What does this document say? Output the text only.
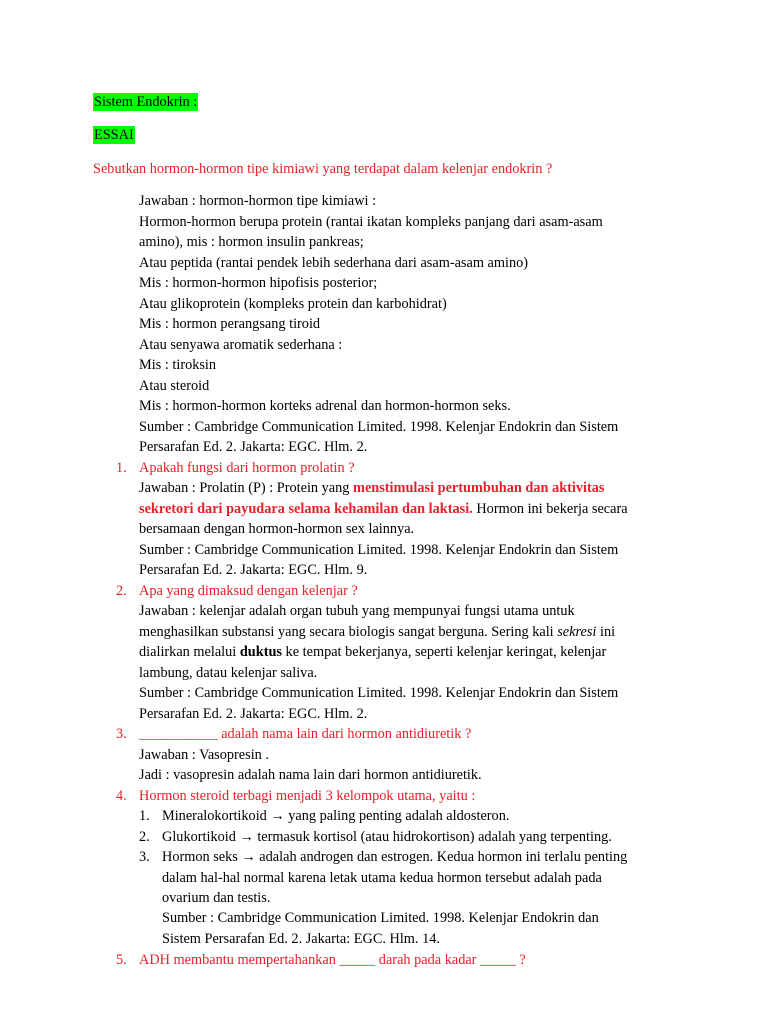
Sistem Endokrin :
ESSAI
Sebutkan hormon-hormon tipe kimiawi yang terdapat dalam kelenjar endokrin ?
Jawaban : hormon-hormon tipe kimiawi :
Hormon-hormon berupa protein (rantai ikatan kompleks panjang dari asam-asam
amino), mis : hormon insulin pankreas;
Atau peptida (rantai pendek lebih sederhana dari asam-asam amino)
Mis : hormon-hormon hipofisis posterior;
Atau glikoprotein (kompleks protein dan karbohidrat)
Mis : hormon perangsang tiroid
Atau senyawa aromatik sederhana :
Mis : tiroksin
Atau steroid
Mis : hormon-hormon korteks adrenal dan hormon-hormon seks.
Sumber : Cambridge Communication Limited. 1998. Kelenjar Endokrin dan Sistem
Persarafan Ed. 2. Jakarta: EGC. Hlm. 2.
1. Apakah fungsi dari hormon prolatin ?
Jawaban : Prolatin (P) : Protein yang menstimulasi pertumbuhan dan aktivitas
sekretori dari payudara selama kehamilan dan laktasi. Hormon ini bekerja secara
bersamaan dengan hormon-hormon sex lainnya.
Sumber : Cambridge Communication Limited. 1998. Kelenjar Endokrin dan Sistem
Persarafan Ed. 2. Jakarta: EGC. Hlm. 9.
2. Apa yang dimaksud dengan kelenjar ?
Jawaban : kelenjar adalah organ tubuh yang mempunyai fungsi utama untuk
menghasilkan substansi yang secara biologis sangat berguna. Sering kali sekresi ini
dialirkan melalui duktus ke tempat bekerjanya, seperti kelenjar keringat, kelenjar
lambung, datau kelenjar saliva.
Sumber : Cambridge Communication Limited. 1998. Kelenjar Endokrin dan Sistem
Persarafan Ed. 2. Jakarta: EGC. Hlm. 2.
3. ___________ adalah nama lain dari hormon antidiuretik ?
Jawaban : Vasopresin .
Jadi : vasopresin adalah nama lain dari hormon antidiuretik.
4. Hormon steroid terbagi menjadi 3 kelompok utama, yaitu :
1. Mineralokortikoid → yang paling penting adalah aldosteron.
2. Glukortikoid → termasuk kortisol (atau hidrokortison) adalah yang terpenting.
3. Hormon seks → adalah androgen dan estrogen. Kedua hormon ini terlalu penting
dalam hal-hal normal karena letak utama kedua hormon tersebut adalah pada
ovarium dan testis.
Sumber : Cambridge Communication Limited. 1998. Kelenjar Endokrin dan
Sistem Persarafan Ed. 2. Jakarta: EGC. Hlm. 14.
5. ADH membantu mempertahankan _____ darah pada kadar _____ ?
